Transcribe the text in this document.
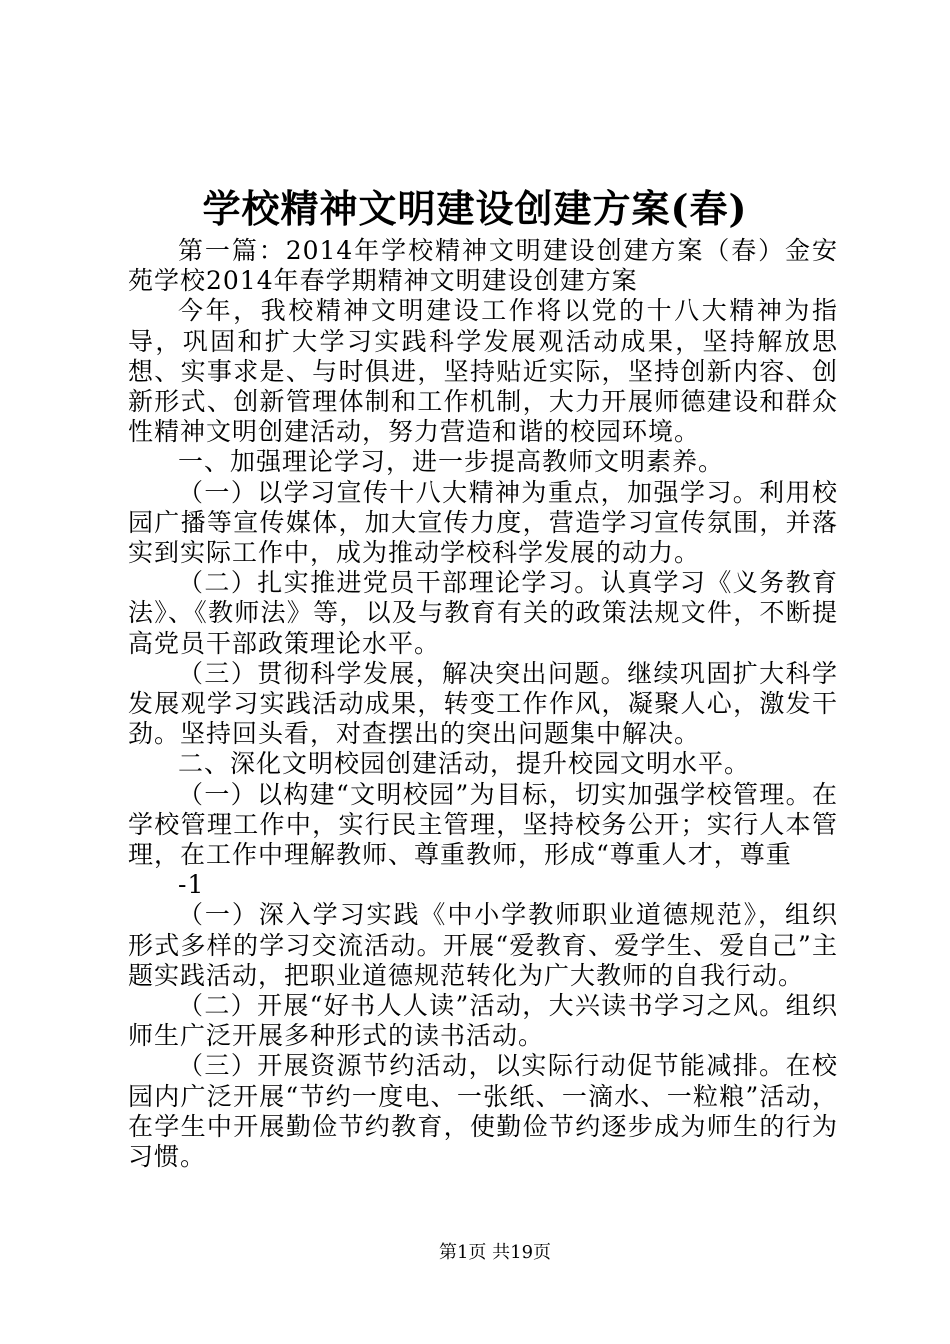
学校精神文明建设创建方案(春)

第一篇：2014年学校精神文明建设创建方案（春）金安苑学校2014年春学期精神文明建设创建方案

今年，我校精神文明建设工作将以党的十八大精神为指导，巩固和扩大学习实践科学发展观活动成果，坚持解放思想、实事求是、与时俱进，坚持贴近实际，坚持创新内容、创新形式、创新管理体制和工作机制，大力开展师德建设和群众性精神文明创建活动，努力营造和谐的校园环境。

一、加强理论学习，进一步提高教师文明素养。

（一）以学习宣传十八大精神为重点，加强学习。利用校园广播等宣传媒体，加大宣传力度，营造学习宣传氛围，并落实到实际工作中，成为推动学校科学发展的动力。

（二）扎实推进党员干部理论学习。认真学习《义务教育法》、《教师法》等，以及与教育有关的政策法规文件，不断提高党员干部政策理论水平。

（三）贯彻科学发展，解决突出问题。继续巩固扩大科学发展观学习实践活动成果，转变工作作风，凝聚人心，激发干劲。坚持回头看，对查摆出的突出问题集中解决。

二、深化文明校园创建活动，提升校园文明水平。

（一）以构建“文明校园”为目标，切实加强学校管理。在学校管理工作中，实行民主管理，坚持校务公开；实行人本管理，在工作中理解教师、尊重教师，形成“尊重人才，尊重

-1

（一）深入学习实践《中小学教师职业道德规范》，组织形式多样的学习交流活动。开展“爱教育、爱学生、爱自己”主题实践活动，把职业道德规范转化为广大教师的自我行动。

（二）开展“好书人人读”活动，大兴读书学习之风。组织师生广泛开展多种形式的读书活动。

（三）开展资源节约活动，以实际行动促节能减排。在校园内广泛开展“节约一度电、一张纸、一滴水、一粒粮”活动，在学生中开展勤俭节约教育，使勤俭节约逐步成为师生的行为习惯。

第1页 共19页
